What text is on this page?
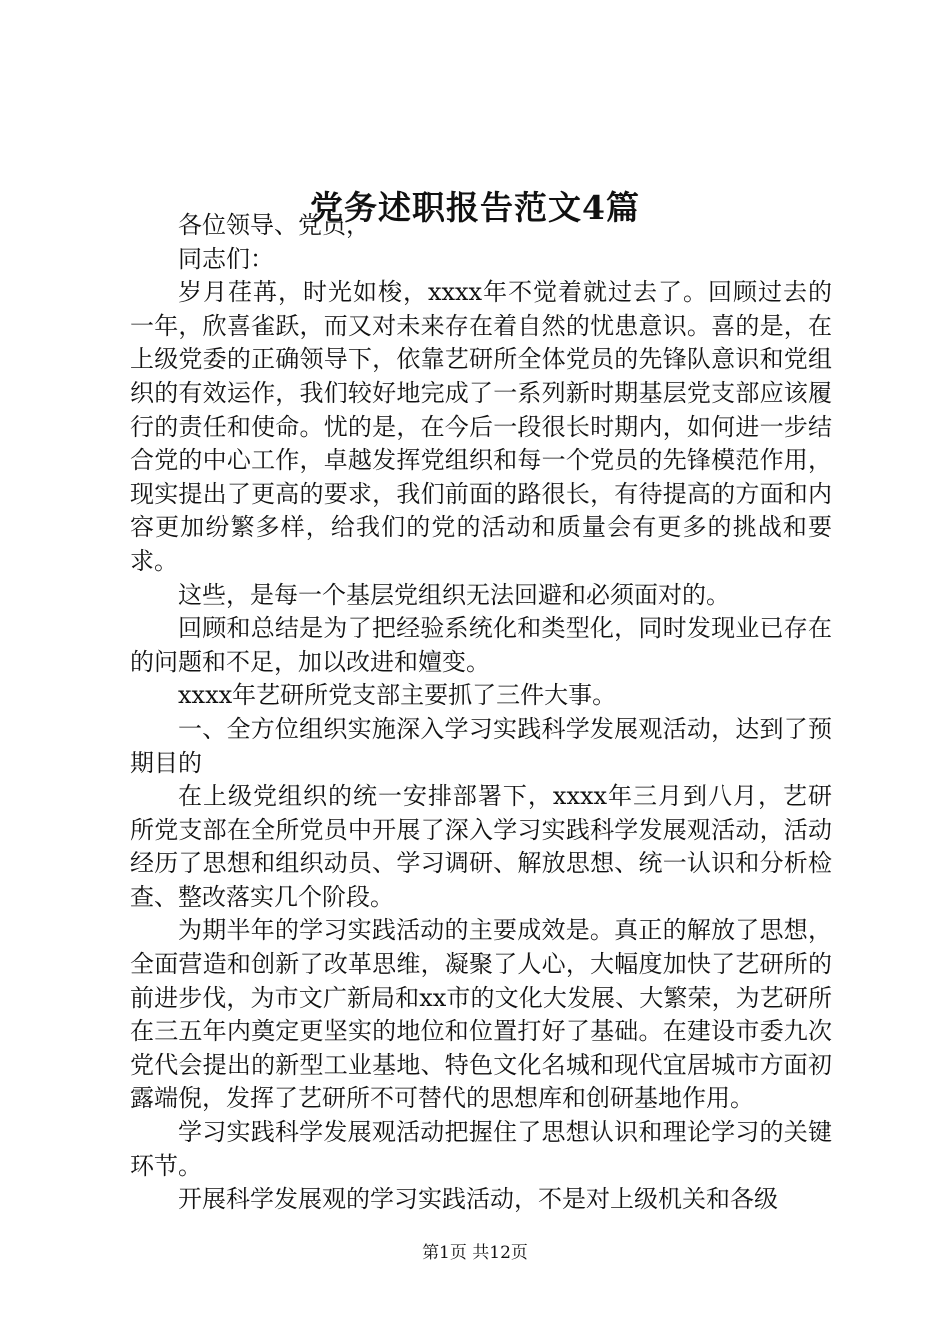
党务述职报告范文4篇

各位领导、党员，

同志们：

岁月荏苒，时光如梭，xxxx年不觉着就过去了。回顾过去的一年，欣喜雀跃，而又对未来存在着自然的忧患意识。喜的是，在上级党委的正确领导下，依靠艺研所全体党员的先锋队意识和党组织的有效运作，我们较好地完成了一系列新时期基层党支部应该履行的责任和使命。忧的是，在今后一段很长时期内，如何进一步结合党的中心工作，卓越发挥党组织和每一个党员的先锋模范作用，现实提出了更高的要求，我们前面的路很长，有待提高的方面和内容更加纷繁多样，给我们的党的活动和质量会有更多的挑战和要求。

这些，是每一个基层党组织无法回避和必须面对的。

回顾和总结是为了把经验系统化和类型化，同时发现业已存在的问题和不足，加以改进和嬗变。

xxxx年艺研所党支部主要抓了三件大事。

一、全方位组织实施深入学习实践科学发展观活动，达到了预期目的

在上级党组织的统一安排部署下，xxxx年三月到八月，艺研所党支部在全所党员中开展了深入学习实践科学发展观活动，活动经历了思想和组织动员、学习调研、解放思想、统一认识和分析检查、整改落实几个阶段。

为期半年的学习实践活动的主要成效是。真正的解放了思想，全面营造和创新了改革思维，凝聚了人心，大幅度加快了艺研所的前进步伐，为市文广新局和xx市的文化大发展、大繁荣，为艺研所在三五年内奠定更坚实的地位和位置打好了基础。在建设市委九次党代会提出的新型工业基地、特色文化名城和现代宜居城市方面初露端倪，发挥了艺研所不可替代的思想库和创研基地作用。

学习实践科学发展观活动把握住了思想认识和理论学习的关键环节。

开展科学发展观的学习实践活动，不是对上级机关和各级

第1页 共12页
